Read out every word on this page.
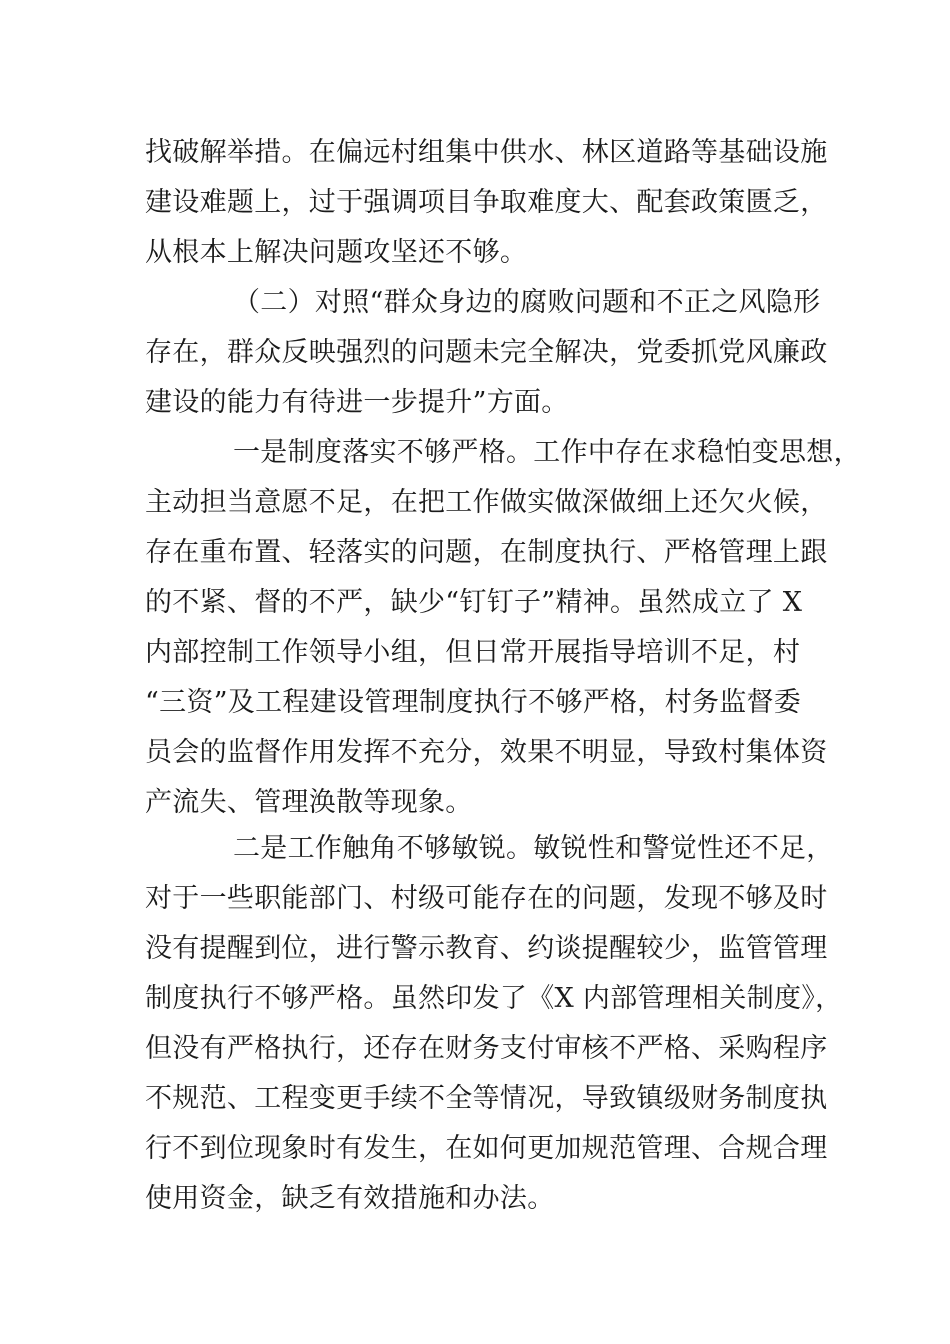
找破解举措。在偏远村组集中供水、林区道路等基础设施
建设难题上，过于强调项目争取难度大、配套政策匮乏，
从根本上解决问题攻坚还不够。
（二）对照“群众身边的腐败问题和不正之风隐形
存在，群众反映强烈的问题未完全解决，党委抓党风廉政
建设的能力有待进一步提升”方面。
一是制度落实不够严格。工作中存在求稳怕变思想，
主动担当意愿不足，在把工作做实做深做细上还欠火候，
存在重布置、轻落实的问题，在制度执行、严格管理上跟
的不紧、督的不严，缺少“钉钉子”精神。虽然成立了 X
内部控制工作领导小组，但日常开展指导培训不足，村
“三资”及工程建设管理制度执行不够严格，村务监督委
员会的监督作用发挥不充分，效果不明显，导致村集体资
产流失、管理涣散等现象。
二是工作触角不够敏锐。敏锐性和警觉性还不足，
对于一些职能部门、村级可能存在的问题，发现不够及时
没有提醒到位，进行警示教育、约谈提醒较少，监管管理
制度执行不够严格。虽然印发了《X 内部管理相关制度》，
但没有严格执行，还存在财务支付审核不严格、采购程序
不规范、工程变更手续不全等情况，导致镇级财务制度执
行不到位现象时有发生，在如何更加规范管理、合规合理
使用资金，缺乏有效措施和办法。
